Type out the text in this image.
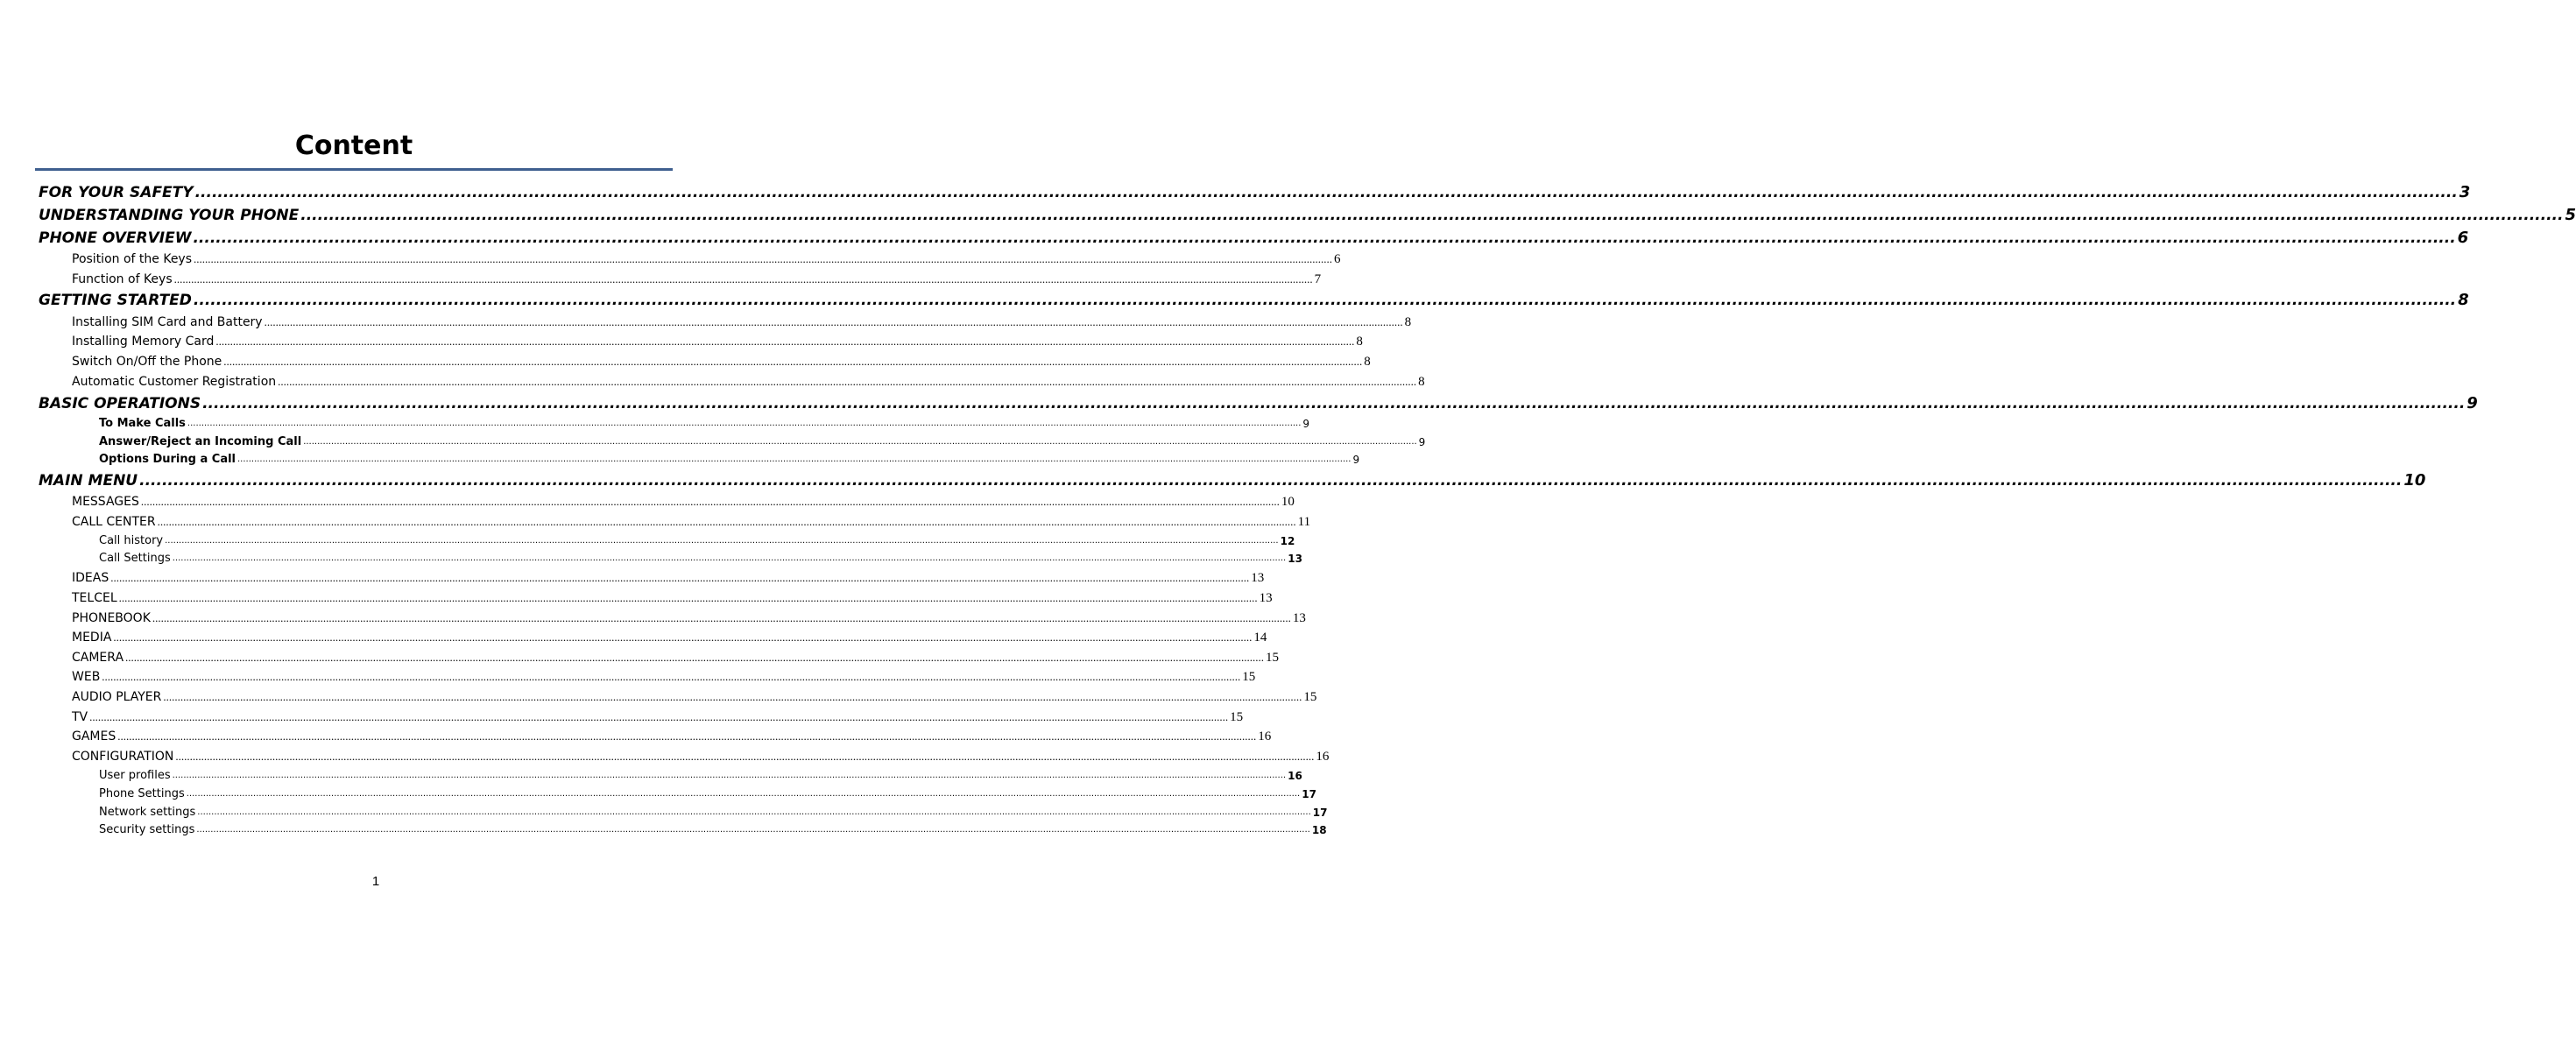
Content
FOR YOUR SAFETY ................................................................................................................................................................................................................................................................................................................................................................................................................ 3
UNDERSTANDING YOUR PHONE ................................................................................................................................................................................................................................................................................................................................................................................................................ 5
PHONE OVERVIEW ................................................................................................................................................................................................................................................................................................................................................................................................................ 6
Position of the Keys ................................................................................................................................................................................................................................................................................................................................................................................................................ 6
Function of Keys ................................................................................................................................................................................................................................................................................................................................................................................................................ 7
GETTING STARTED ................................................................................................................................................................................................................................................................................................................................................................................................................ 8
Installing SIM Card and Battery ................................................................................................................................................................................................................................................................................................................................................................................................................ 8
Installing Memory Card ................................................................................................................................................................................................................................................................................................................................................................................................................ 8
Switch On/Off the Phone ................................................................................................................................................................................................................................................................................................................................................................................................................ 8
Automatic Customer Registration ................................................................................................................................................................................................................................................................................................................................................................................................................ 8
BASIC OPERATIONS ................................................................................................................................................................................................................................................................................................................................................................................................................ 9
To Make Calls ................................................................................................................................................................................................................................................................................................................................................................................................................ 9
Answer/Reject an Incoming Call ................................................................................................................................................................................................................................................................................................................................................................................................................ 9
Options During a Call ................................................................................................................................................................................................................................................................................................................................................................................................................ 9
MAIN MENU ................................................................................................................................................................................................................................................................................................................................................................................................................ 10
MESSAGES ................................................................................................................................................................................................................................................................................................................................................................................................................ 10
CALL CENTER ................................................................................................................................................................................................................................................................................................................................................................................................................ 11
Call history ................................................................................................................................................................................................................................................................................................................................................................................................................ 12
Call Settings ................................................................................................................................................................................................................................................................................................................................................................................................................ 13
IDEAS ................................................................................................................................................................................................................................................................................................................................................................................................................ 13
TELCEL ................................................................................................................................................................................................................................................................................................................................................................................................................ 13
PHONEBOOK ................................................................................................................................................................................................................................................................................................................................................................................................................ 13
MEDIA ................................................................................................................................................................................................................................................................................................................................................................................................................ 14
CAMERA ................................................................................................................................................................................................................................................................................................................................................................................................................ 15
WEB ................................................................................................................................................................................................................................................................................................................................................................................................................ 15
AUDIO PLAYER ................................................................................................................................................................................................................................................................................................................................................................................................................ 15
TV ................................................................................................................................................................................................................................................................................................................................................................................................................ 15
GAMES ................................................................................................................................................................................................................................................................................................................................................................................................................ 16
CONFIGURATION ................................................................................................................................................................................................................................................................................................................................................................................................................ 16
User profiles ................................................................................................................................................................................................................................................................................................................................................................................................................ 16
Phone Settings ................................................................................................................................................................................................................................................................................................................................................................................................................ 17
Network settings ................................................................................................................................................................................................................................................................................................................................................................................................................ 17
Security settings ................................................................................................................................................................................................................................................................................................................................................................................................................ 18
1
